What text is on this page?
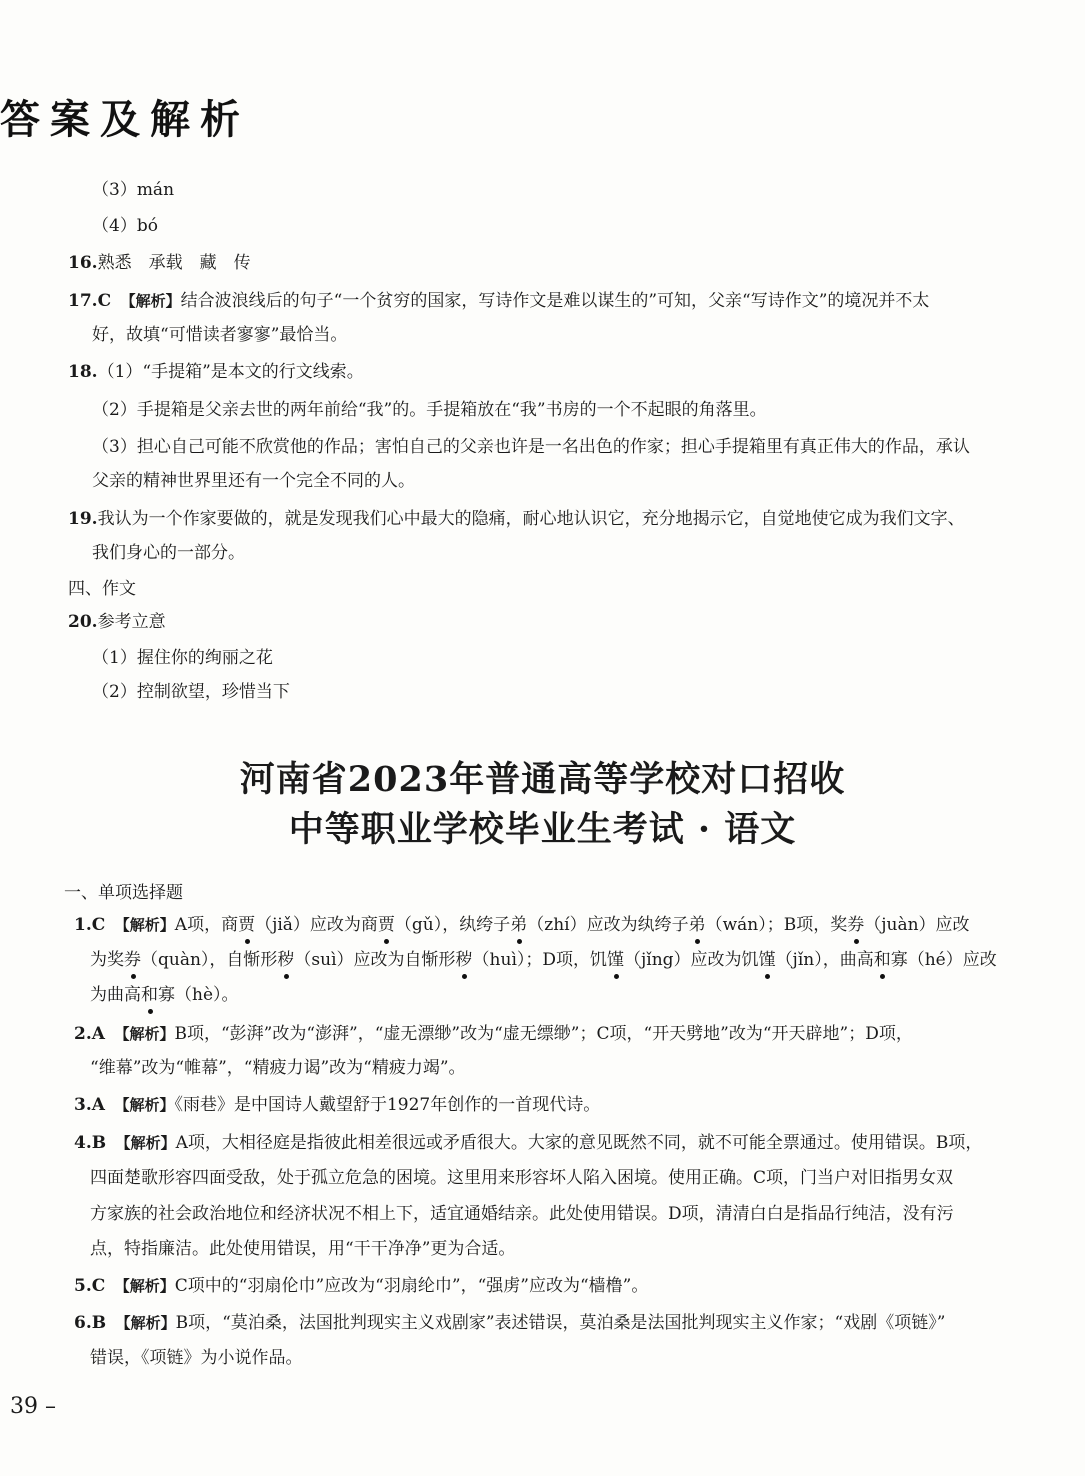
答案及解析
（3）mán
（4）bó
16.熟悉　承载　藏　传
17.C　 【解析】结合波浪线后的句子“一个贫穷的国家，写诗作文是难以谋生的”可知，父亲“写诗作文”的境况并不太
好，故填“可惜读者寥寥”最恰当。
18.（1）“手提箱”是本文的行文线索。
（2）手提箱是父亲去世的两年前给“我”的。手提箱放在“我”书房的一个不起眼的角落里。
（3）担心自己可能不欣赏他的作品；害怕自己的父亲也许是一名出色的作家；担心手提箱里有真正伟大的作品，承认
父亲的精神世界里还有一个完全不同的人。
19.我认为一个作家要做的，就是发现我们心中最大的隐痛，耐心地认识它，充分地揭示它，自觉地使它成为我们文字、
我们身心的一部分。
四、作文
20.参考立意
（1）握住你的绚丽之花
（2）控制欲望，珍惜当下
河南省2023年普通高等学校对口招收
中等职业学校毕业生考试 · 语文
一、单项选择题
1.C　 【解析】A项，商贾（jiǎ）应改为商贾（gǔ），纨绔子弟（zhí）应改为纨绔子弟（wán）；B项，奖券（juàn）应改
为奖券（quàn），自惭形秽（suì）应改为自惭形秽（huì）；D项，饥馑（jǐng）应改为饥馑（jǐn），曲高和寡（hé）应改
为曲高和寡（hè）。
2.A　 【解析】B项，“彭湃”改为“澎湃”，“虚无漂缈”改为“虚无缥缈”；C项，“开天劈地”改为“开天辟地”；D项，
“维幕”改为“帷幕”，“精疲力谒”改为“精疲力竭”。
3.A　 【解析】《雨巷》是中国诗人戴望舒于1927年创作的一首现代诗。
4.B　 【解析】A项，大相径庭是指彼此相差很远或矛盾很大。大家的意见既然不同，就不可能全票通过。使用错误。B项，
四面楚歌形容四面受敌，处于孤立危急的困境。这里用来形容坏人陷入困境。使用正确。C项，门当户对旧指男女双
方家族的社会政治地位和经济状况不相上下，适宜通婚结亲。此处使用错误。D项，清清白白是指品行纯洁，没有污
点，特指廉洁。此处使用错误，用“干干净净”更为合适。
5.C　 【解析】C项中的“羽扇伦巾”应改为“羽扇纶巾”，“强虏”应改为“樯橹”。
6.B　 【解析】B项，“莫泊桑，法国批判现实主义戏剧家”表述错误，莫泊桑是法国批判现实主义作家；“戏剧《项链》”
错误，《项链》为小说作品。
39 –
